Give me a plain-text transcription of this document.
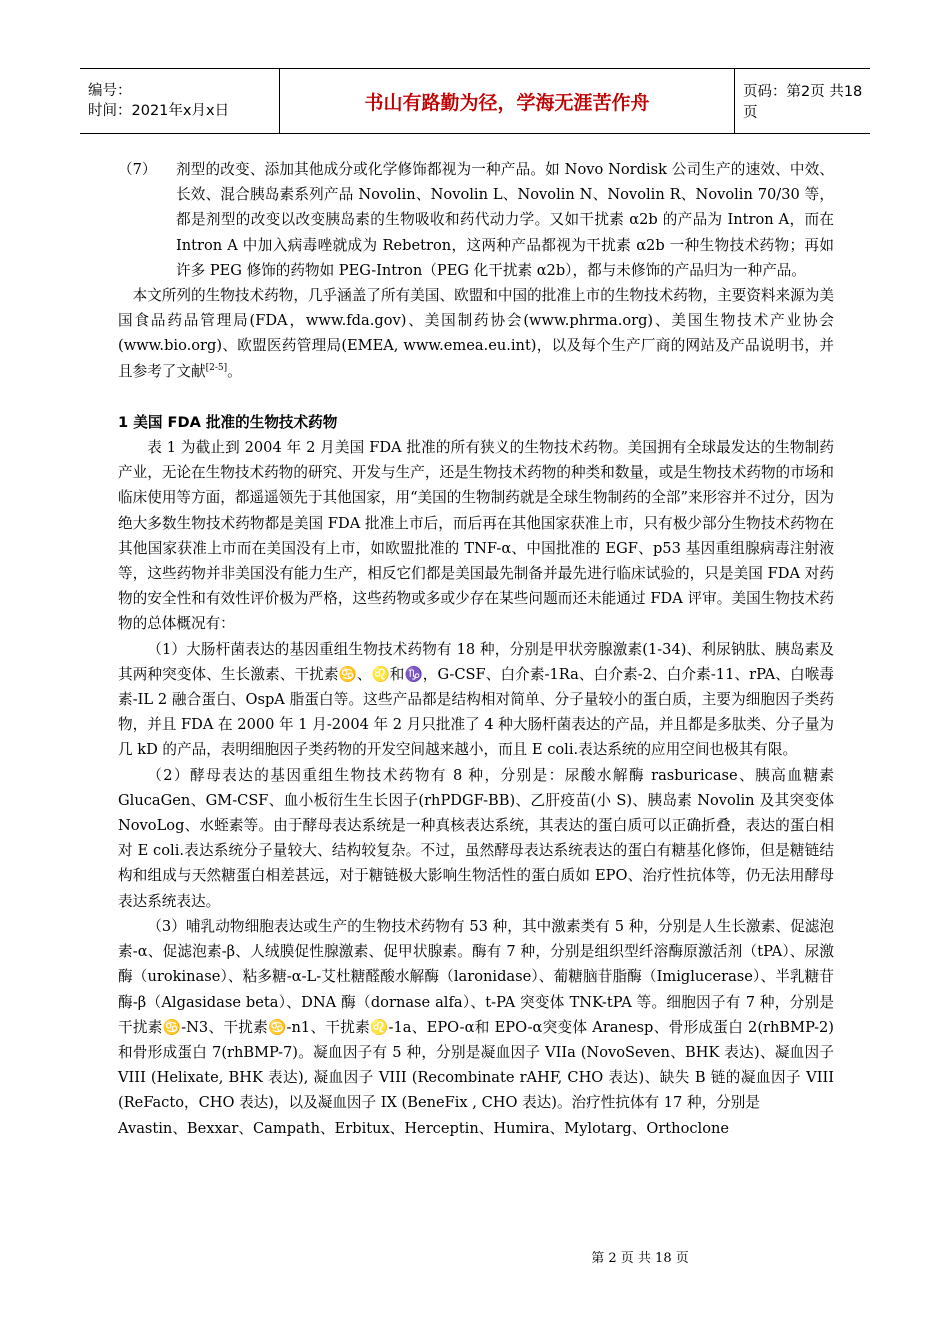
编号：
时间：2021年x月x日	书山有路勤为径，学海无涯苦作舟	页码：第2页 共18页
（7）	剂型的改变、添加其他成分或化学修饰都视为一种产品。如 Novo Nordisk 公司生产的速效、中效、长效、混合胰岛素系列产品 Novolin、Novolin L、Novolin N、Novolin R、Novolin 70/30 等，都是剂型的改变以改变胰岛素的生物吸收和药代动力学。又如干扰素 α2b 的产品为 Intron A，而在 Intron A 中加入病毒唑就成为 Rebetron，这两种产品都视为干扰素 α2b 一种生物技术药物；再如许多 PEG 修饰的药物如 PEG-Intron（PEG 化干扰素 α2b），都与未修饰的产品归为一种产品。

本文所列的生物技术药物，几乎涵盖了所有美国、欧盟和中国的批准上市的生物技术药物，主要资料来源为美国食品药品管理局(FDA，www.fda.gov)、美国制药协会(www.phrma.org)、美国生物技术产业协会(www.bio.org)、欧盟医药管理局(EMEA, www.emea.eu.int)，以及每个生产厂商的网站及产品说明书，并且参考了文献[2-5]。

1 美国 FDA 批准的生物技术药物

表 1 为截止到 2004 年 2 月美国 FDA 批准的所有狭义的生物技术药物。美国拥有全球最发达的生物制药产业，无论在生物技术药物的研究、开发与生产，还是生物技术药物的种类和数量，或是生物技术药物的市场和临床使用等方面，都遥遥领先于其他国家，用“美国的生物制药就是全球生物制药的全部”来形容并不过分，因为绝大多数生物技术药物都是美国 FDA 批准上市后，而后再在其他国家获准上市，只有极少部分生物技术药物在其他国家获准上市而在美国没有上市，如欧盟批准的 TNF-α、中国批准的 EGF、p53 基因重组腺病毒注射液等，这些药物并非美国没有能力生产，相反它们都是美国最先制备并最先进行临床试验的，只是美国 FDA 对药物的安全性和有效性评价极为严格，这些药物或多或少存在某些问题而还未能通过 FDA 评审。美国生物技术药物的总体概况有：

（1）大肠杆菌表达的基因重组生物技术药物有 18 种，分别是甲状旁腺激素(1-34)、利尿钠肽、胰岛素及其两种突变体、生长激素、干扰素♋、♌和♑，G-CSF、白介素-1Ra、白介素-2、白介素-11、rPA、白喉毒素-IL 2 融合蛋白、OspA 脂蛋白等。这些产品都是结构相对简单、分子量较小的蛋白质，主要为细胞因子类药物，并且 FDA 在 2000 年 1 月-2004 年 2 月只批准了 4 种大肠杆菌表达的产品，并且都是多肽类、分子量为几 kD 的产品，表明细胞因子类药物的开发空间越来越小，而且 E coli.表达系统的应用空间也极其有限。

（2）酵母表达的基因重组生物技术药物有 8 种，分别是：尿酸水解酶 rasburicase、胰高血糖素 GlucaGen、GM-CSF、血小板衍生生长因子(rhPDGF-BB)、乙肝疫苗(小 S)、胰岛素 Novolin 及其突变体 NovoLog、水蛭素等。由于酵母表达系统是一种真核表达系统，其表达的蛋白质可以正确折叠，表达的蛋白相对 E coli.表达系统分子量较大、结构较复杂。不过，虽然酵母表达系统表达的蛋白有糖基化修饰，但是糖链结构和组成与天然糖蛋白相差甚远，对于糖链极大影响生物活性的蛋白质如 EPO、治疗性抗体等，仍无法用酵母表达系统表达。

（3）哺乳动物细胞表达或生产的生物技术药物有 53 种，其中激素类有 5 种，分别是人生长激素、促滤泡素-α、促滤泡素-β、人绒膜促性腺激素、促甲状腺素。酶有 7 种，分别是组织型纤溶酶原激活剂（tPA）、尿激酶（urokinase）、粘多糖-α-L-艾杜糖醛酸水解酶（laronidase）、葡糖脑苷脂酶（Imiglucerase）、半乳糖苷酶-β（Algasidase beta）、DNA 酶（dornase alfa）、t-PA 突变体 TNK-tPA 等。细胞因子有 7 种，分别是干扰素♋-N3、干扰素♋-n1、干扰素♌-1a、EPO-α和 EPO-α突变体 Aranesp、骨形成蛋白 2(rhBMP-2)和骨形成蛋白 7(rhBMP-7)。凝血因子有 5 种，分别是凝血因子 VIIa (NovoSeven、BHK 表达)、凝血因子 VIII (Helixate, BHK 表达), 凝血因子 VIII (Recombinate rAHF, CHO 表达)、缺失 B 链的凝血因子 VIII (ReFacto，CHO 表达)，以及凝血因子 IX (BeneFix , CHO 表达)。治疗性抗体有 17 种，分别是

Avastin、Bexxar、Campath、Erbitux、Herceptin、Humira、Mylotarg、Orthoclone

第 2 页 共 18 页
